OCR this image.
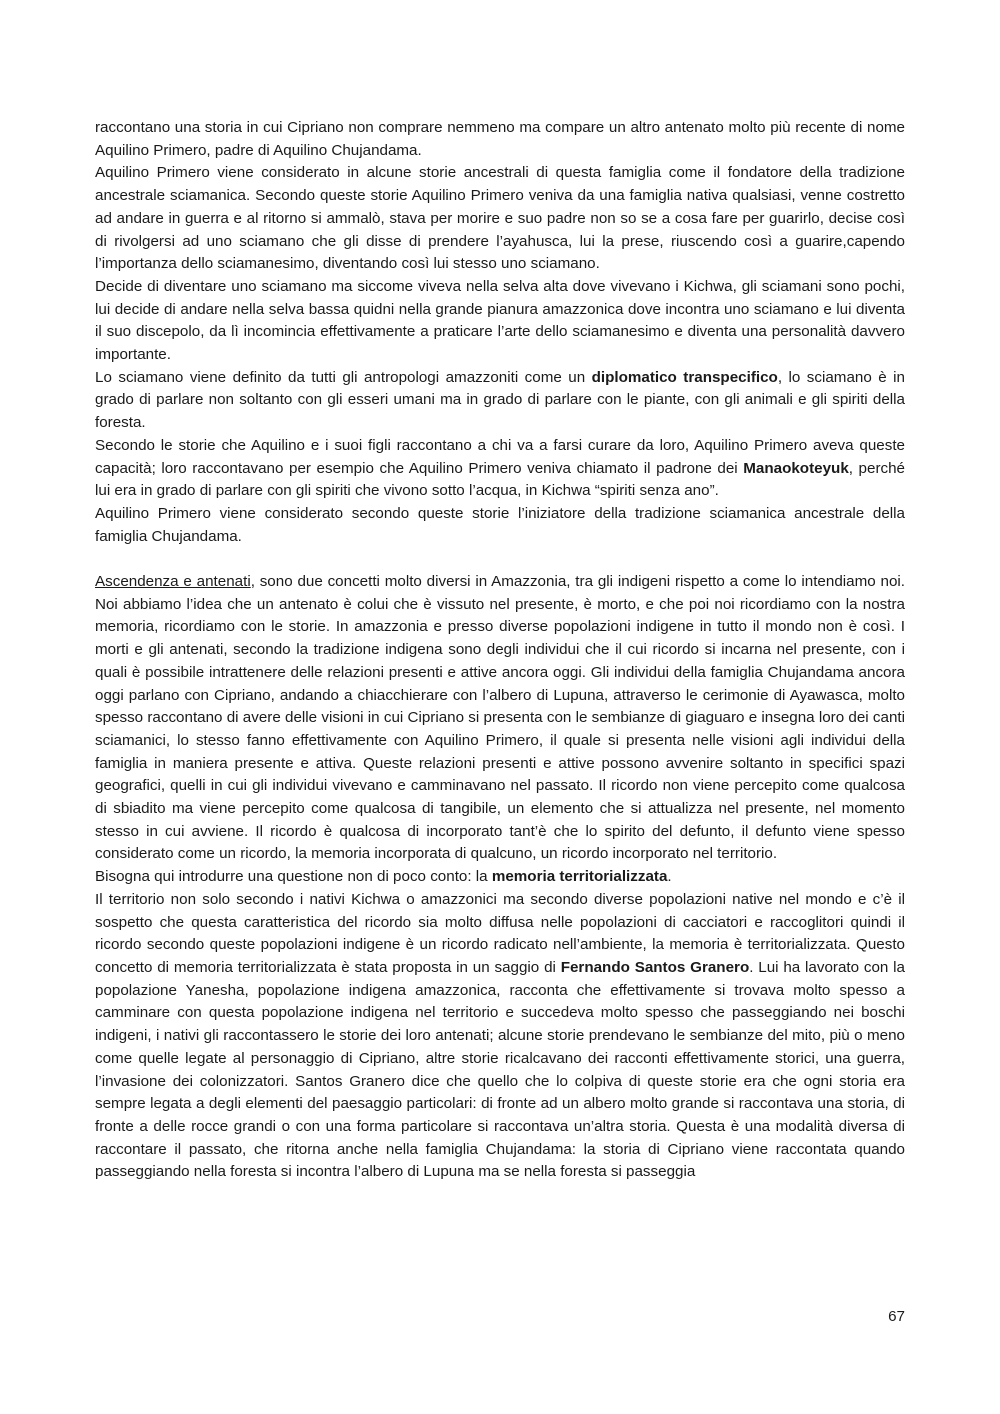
raccontano una storia in cui Cipriano non comprare nemmeno ma compare un altro antenato molto più recente di nome Aquilino Primero, padre di Aquilino Chujandama.

Aquilino Primero viene considerato in alcune storie ancestrali di questa famiglia come il fondatore della tradizione ancestrale sciamanica. Secondo queste storie Aquilino Primero veniva da una famiglia nativa qualsiasi, venne costretto ad andare in guerra e al ritorno si ammalò, stava per morire e suo padre non so se a cosa fare per guarirlo, decise così di rivolgersi ad uno sciamano che gli disse di prendere l’ayahusca, lui la prese, riuscendo così a guarire,capendo l’importanza dello sciamanesimo, diventando così lui stesso uno sciamano.

Decide di diventare uno sciamano ma siccome viveva nella selva alta dove vivevano i Kichwa, gli sciamani sono pochi, lui decide di andare nella selva bassa quidni nella grande pianura amazzonica dove incontra uno sciamano e lui diventa il suo discepolo, da lì incomincia effettivamente a praticare l’arte dello sciamanesimo e diventa una personalità davvero importante.

Lo sciamano viene definito da tutti gli antropologi amazzoniti come un diplomatico transpecifico, lo sciamano è in grado di parlare non soltanto con gli esseri umani ma in grado di parlare con le piante, con gli animali e gli spiriti della foresta.

Secondo le storie che Aquilino e i suoi figli raccontano a chi va a farsi curare da loro, Aquilino Primero aveva queste capacità; loro raccontavano per esempio che Aquilino Primero veniva chiamato il padrone dei Manaokoteyuk, perché lui era in grado di parlare con gli spiriti che vivono sotto l’acqua, in Kichwa “spiriti senza ano”.

Aquilino Primero viene considerato secondo queste storie l’iniziatore della tradizione sciamanica ancestrale della famiglia Chujandama.

Ascendenza e antenati, sono due concetti molto diversi in Amazzonia, tra gli indigeni rispetto a come lo intendiamo noi. Noi abbiamo l’idea che un antenato è colui che è vissuto nel presente, è morto, e che poi noi ricordiamo con la nostra memoria, ricordiamo con le storie. In amazzonia e presso diverse popolazioni indigene in tutto il mondo non è così. I morti e gli antenati, secondo la tradizione indigena sono degli individui che il cui ricordo si incarna nel presente, con i quali è possibile intrattenere delle relazioni presenti e attive ancora oggi. Gli individui della famiglia Chujandama ancora oggi parlano con Cipriano, andando a chiacchierare con l’albero di Lupuna, attraverso le cerimonie di Ayawasca, molto spesso raccontano di avere delle visioni in cui Cipriano si presenta con le sembianze di giaguaro e insegna loro dei canti sciamanici, lo stesso fanno effettivamente con Aquilino Primero, il quale si presenta nelle visioni agli individui della famiglia in maniera presente e attiva. Queste relazioni presenti e attive possono avvenire soltanto in specifici spazi geografici, quelli in cui gli individui vivevano e camminavano nel passato. Il ricordo non viene percepito come qualcosa di sbiadito ma viene percepito come qualcosa di tangibile, un elemento che si attualizza nel presente, nel momento stesso in cui avviene. Il ricordo è qualcosa di incorporato tant’è che lo spirito del defunto, il defunto viene spesso considerato come un ricordo, la memoria incorporata di qualcuno, un ricordo incorporato nel territorio.

Bisogna qui introdurre una questione non di poco conto: la memoria territorializzata.

Il territorio non solo secondo i nativi Kichwa o amazzonici ma secondo diverse popolazioni native nel mondo e c’è il sospetto che questa caratteristica del ricordo sia molto diffusa nelle popolazioni di cacciatori e raccoglitori quindi il ricordo secondo queste popolazioni indigene è un ricordo radicato nell’ambiente, la memoria è territorializzata. Questo concetto di memoria territorializzata è stata proposta in un saggio di Fernando Santos Granero. Lui ha lavorato con la popolazione Yanesha, popolazione indigena amazzonica, racconta che effettivamente si trovava molto spesso a camminare con questa popolazione indigena nel territorio e succedeva molto spesso che passeggiando nei boschi indigeni, i nativi gli raccontassero le storie dei loro antenati; alcune storie prendevano le sembianze del mito, più o meno come quelle legate al personaggio di Cipriano, altre storie ricalcavano dei racconti effettivamente storici, una guerra, l’invasione dei colonizzatori. Santos Granero dice che quello che lo colpiva di queste storie era che ogni storia era sempre legata a degli elementi del paesaggio particolari: di fronte ad un albero molto grande si raccontava una storia, di fronte a delle rocce grandi o con una forma particolare si raccontava un’altra storia. Questa è una modalità diversa di raccontare il passato, che ritorna anche nella famiglia Chujandama: la storia di Cipriano viene raccontata quando passeggiando nella foresta si incontra l’albero di Lupuna ma se nella foresta si passeggia

67
